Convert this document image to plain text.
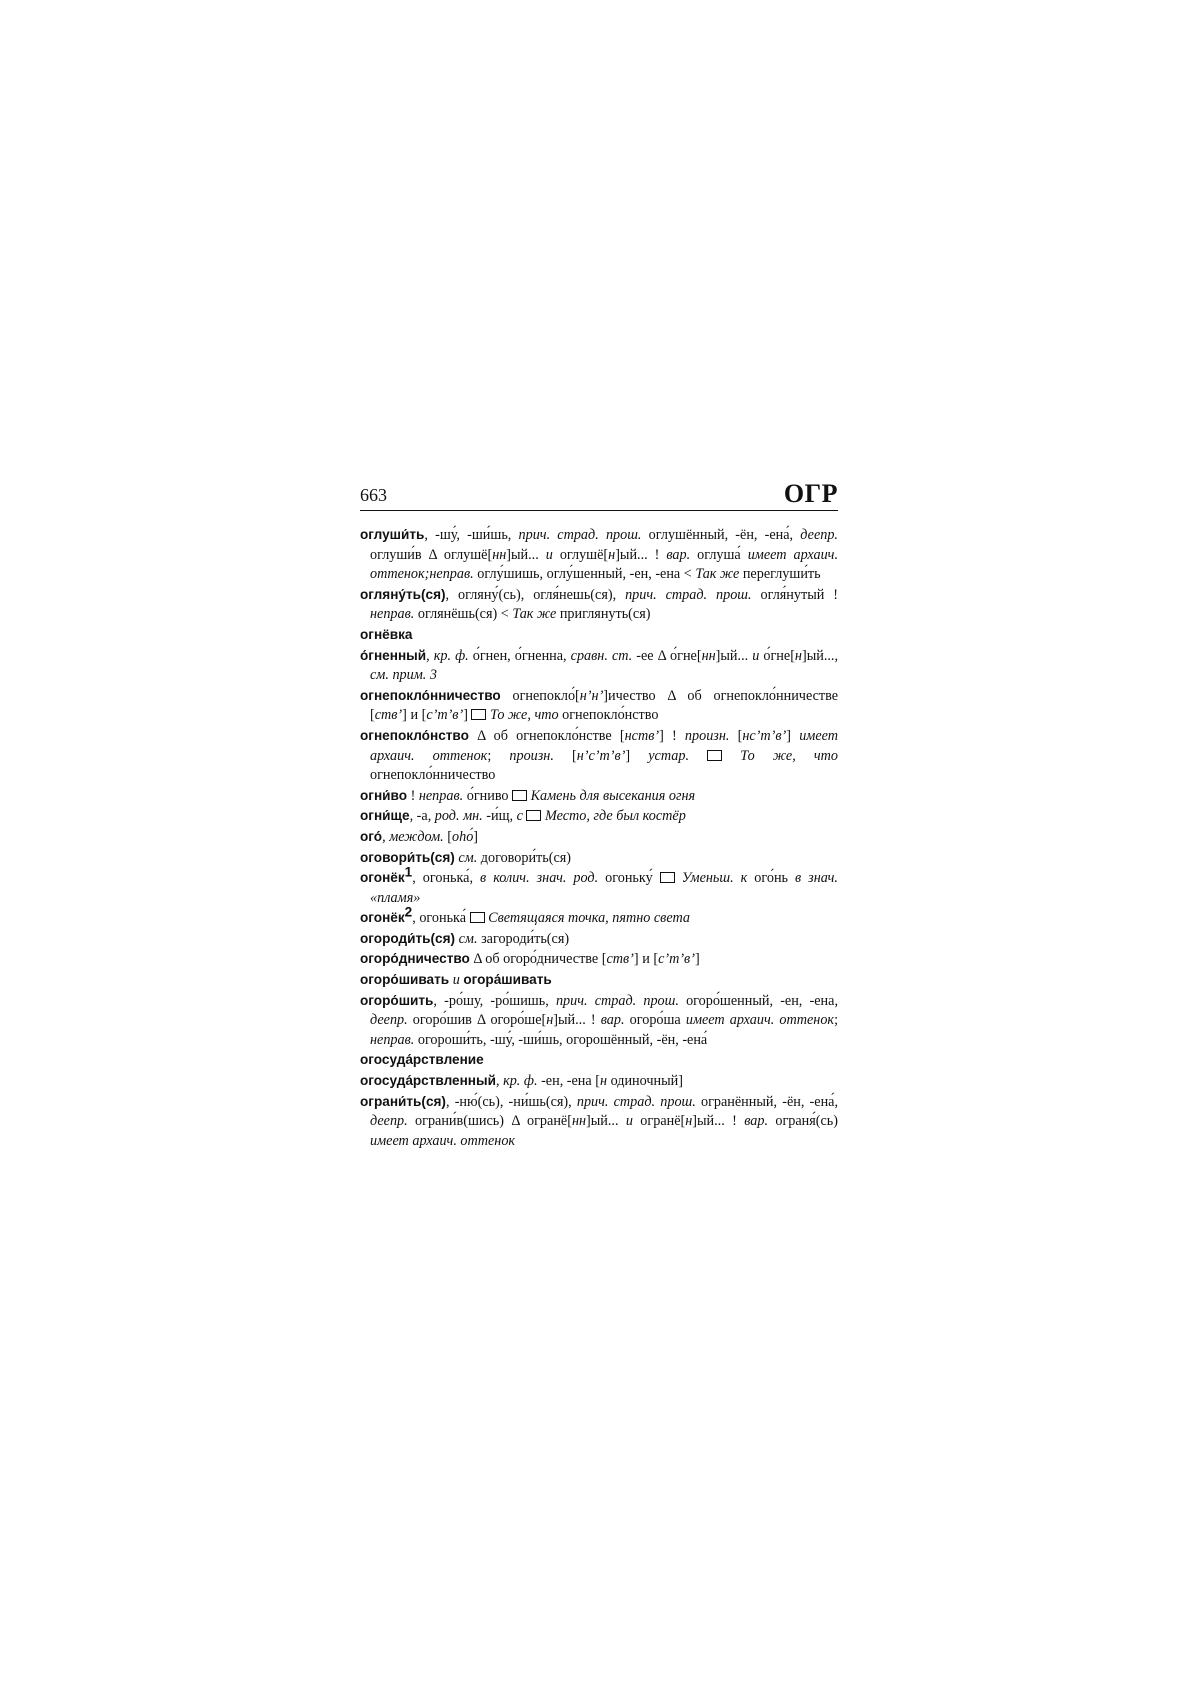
663	ОГР
оглуши́ть, -шу́, -ши́шь, прич. страд. прош. оглушённый, -ён, -ена́, деепр. оглуши́в Δ оглушё[нн]ый... и оглушё[н]ый... ! вар. оглуша́ имеет архаич. оттенок;неправ. оглу́шишь, оглу́шенный, -ен, -ена < Так же переглуши́ть
огляну́ть(ся), огляну́(сь), огля́нешь(ся), прич. страд. прош. огля́нутый ! неправ. оглянёшь(ся) < Так же приглянуть(ся)
огнёвка
о́гненный, кр. ф. о́гнен, о́гненна, сравн. ст. -ее Δ о́гне[нн]ый... и о́гне[н]ый..., см. прим. 3
огнепокло́нничество огнепокло́[н’н’]ичество Δ об огнепокло́нничестве [ств’] и [с’т’в’]  То же, что огнепокло́нство
огнепокло́нство Δ об огнепокло́нстве [нств’] ! произн. [нс’т’в’] имеет архаич. оттенок; произн. [н’с’т’в’] устар.	То же, что огнепокло́нничество
огни́во ! неправ. о́гниво  Камень для высекания огня
огни́ще, -а, род. мн. -и́щ, с Место, где был костёр
ого́, междом. [оhо́]
оговори́ть(ся) см. договори́ть(ся)
огонёк$^1$, огонька́, в колич. знач. род. огоньку́  Уменьш. к ого́нь в знач. «пламя»
огонёк$^2$, огонька́  Светящаяся точка, пятно света
огороди́ть(ся) см. загороди́ть(ся)
огоро́дничество Δ об огоро́дничестве [ств’] и [с’т’в’]
огоро́шивать и огора́шивать
огоро́шить, -ро́шу, -ро́шишь, прич. страд. прош. огоро́шенный, -ен, -ена, деепр. огоро́шив Δ огоро́ше[н]ый... ! вар. огоро́ша имеет архаич. оттенок; неправ. огороши́ть, -шу́, -ши́шь, огорошённый, -ён, -ена́
огосуда́рствление
огосуда́рствленный, кр. ф. -ен, -ена [н одиночный]
ограни́ть(ся), -ню́(сь), -ни́шь(ся), прич. страд. прош. огранённый, -ён, -ена́, деепр. ограни́в(шись) Δ огранё[нн]ый... и огранё[н]ый... ! вар. ограня́(сь) имеет архаич. оттенок
